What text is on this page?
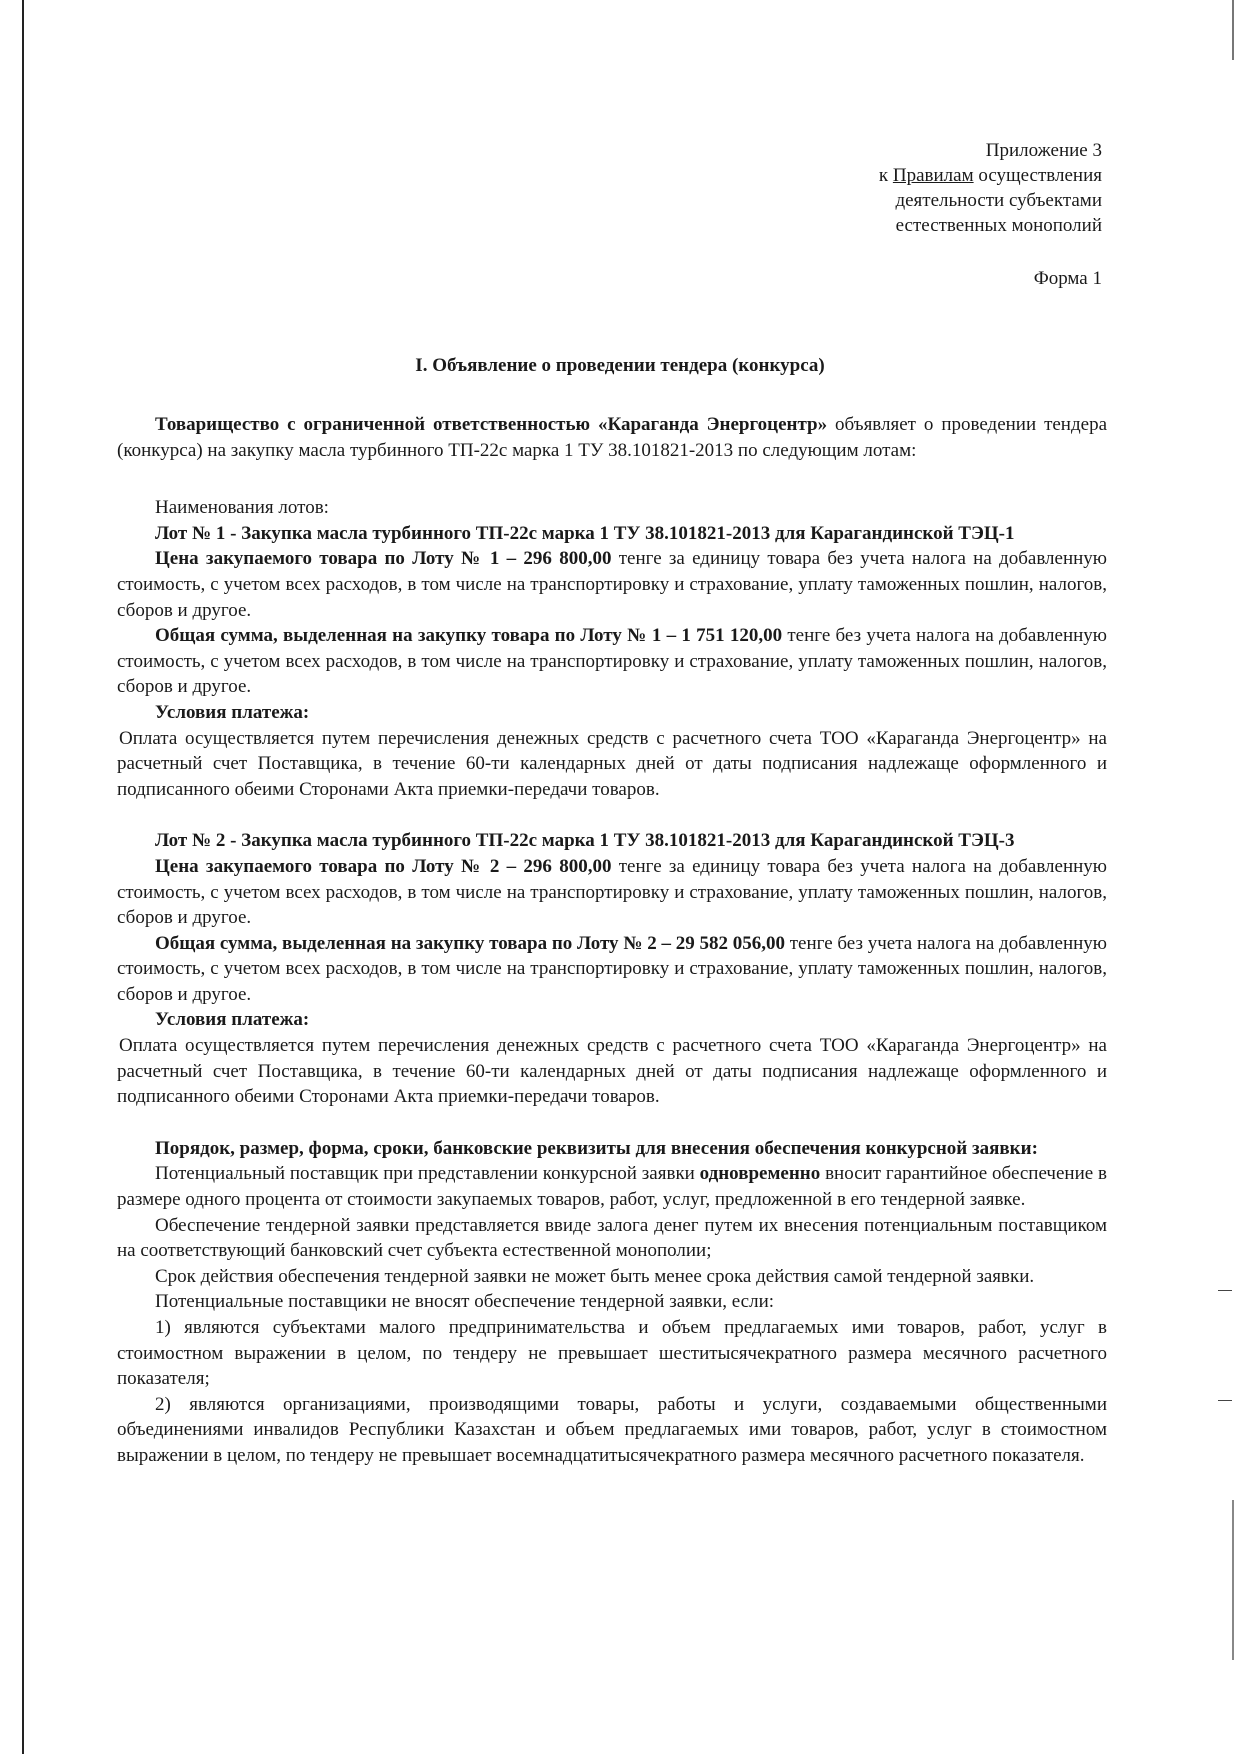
Приложение 3
к Правилам осуществления
деятельности субъектами
естественных монополий
Форма 1
I. Объявление о проведении тендера (конкурса)

Товарищество с ограниченной ответственностью «Караганда Энергоцентр» объявляет о проведении тендера (конкурса) на закупку масла турбинного ТП-22с марка 1 ТУ 38.101821-2013 по следующим лотам:

Наименования лотов:

Лот № 1 - Закупка масла турбинного ТП-22с марка 1 ТУ 38.101821-2013 для Карагандинской ТЭЦ-1

Цена закупаемого товара по Лоту № 1 – 296 800,00 тенге за единицу товара без учета налога на добавленную стоимость, с учетом всех расходов, в том числе на транспортировку и страхование, уплату таможенных пошлин, налогов, сборов и другое.

Общая сумма, выделенная на закупку товара по Лоту № 1 – 1 751 120,00 тенге без учета налога на добавленную стоимость, с учетом всех расходов, в том числе на транспортировку и страхование, уплату таможенных пошлин, налогов, сборов и другое.

Условия платежа:

Оплата осуществляется путем перечисления денежных средств с расчетного счета ТОО «Караганда Энергоцентр» на расчетный счет Поставщика, в течение 60-ти календарных дней от даты подписания надлежаще оформленного и подписанного обеими Сторонами Акта приемки-передачи товаров.

Лот № 2 - Закупка масла турбинного ТП-22с марка 1 ТУ 38.101821-2013 для Карагандинской ТЭЦ-3

Цена закупаемого товара по Лоту № 2 – 296 800,00 тенге за единицу товара без учета налога на добавленную стоимость, с учетом всех расходов, в том числе на транспортировку и страхование, уплату таможенных пошлин, налогов, сборов и другое.

Общая сумма, выделенная на закупку товара по Лоту № 2 – 29 582 056,00 тенге без учета налога на добавленную стоимость, с учетом всех расходов, в том числе на транспортировку и страхование, уплату таможенных пошлин, налогов, сборов и другое.

Условия платежа:

Оплата осуществляется путем перечисления денежных средств с расчетного счета ТОО «Караганда Энергоцентр» на расчетный счет Поставщика, в течение 60-ти календарных дней от даты подписания надлежаще оформленного и подписанного обеими Сторонами Акта приемки-передачи товаров.

Порядок, размер, форма, сроки, банковские реквизиты для внесения обеспечения конкурсной заявки:

Потенциальный поставщик при представлении конкурсной заявки одновременно вносит гарантийное обеспечение в размере одного процента от стоимости закупаемых товаров, работ, услуг, предложенной в его тендерной заявке.

Обеспечение тендерной заявки представляется ввиде залога денег путем их внесения потенциальным поставщиком на соответствующий банковский счет субъекта естественной монополии;

Срок действия обеспечения тендерной заявки не может быть менее срока действия самой тендерной заявки.

Потенциальные поставщики не вносят обеспечение тендерной заявки, если:

1) являются субъектами малого предпринимательства и объем предлагаемых ими товаров, работ, услуг в стоимостном выражении в целом, по тендеру не превышает шеститысячекратного размера месячного расчетного показателя;

2) являются организациями, производящими товары, работы и услуги, создаваемыми общественными объединениями инвалидов Республики Казахстан и объем предлагаемых ими товаров, работ, услуг в стоимостном выражении в целом, по тендеру не превышает восемнадцатитысячекратного размера месячного расчетного показателя.
